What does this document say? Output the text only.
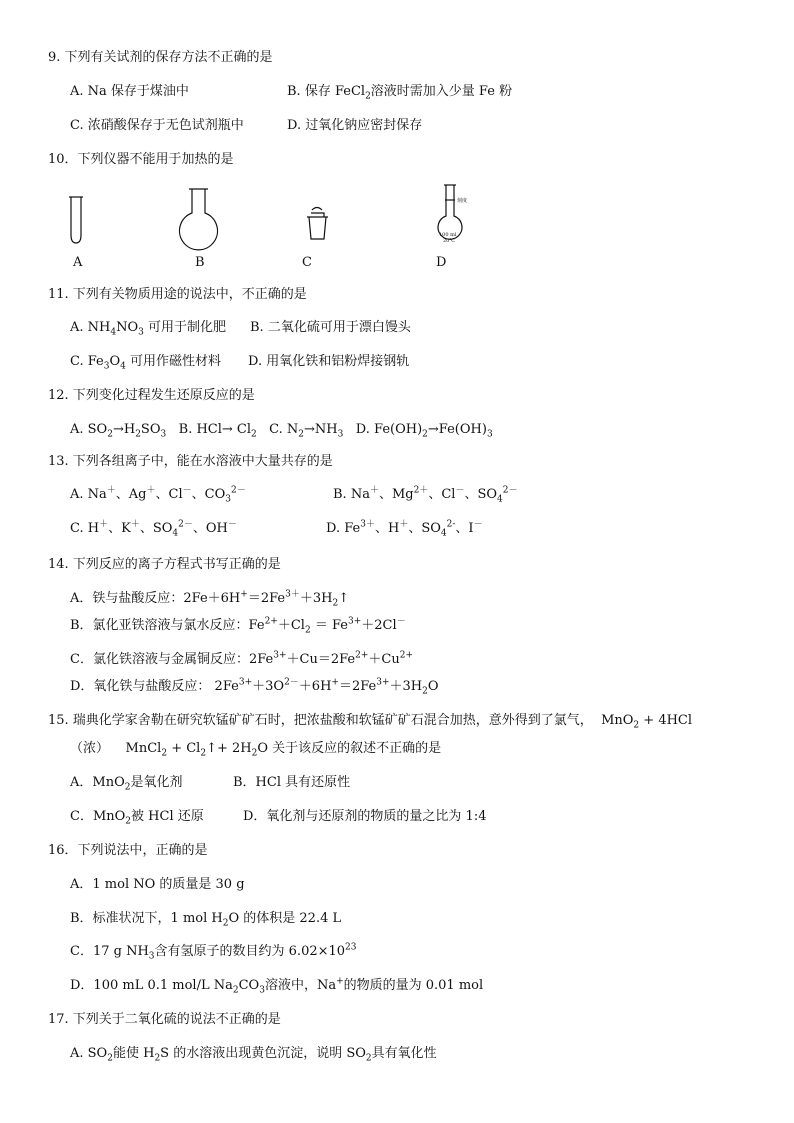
9. 下列有关试剂的保存方法不正确的是
A. Na 保存于煤油中	B. 保存 FeCl$_2$溶液时需加入少量 Fe 粉
C. 浓硝酸保存于无色试剂瓶中	D. 过氧化钠应密封保存
10．下列仪器不能用于加热的是
刻度
100 ml
20℃
A	B	C	D
11. 下列有关物质用途的说法中，不正确的是
A. $NH_4NO_3$ 可用于制化肥 B. 二氧化硫可用于漂白馒头
C. $Fe_3O_4$ 可用作磁性材料 D. 用氧化铁和铝粉焊接钢轨
12. 下列变化过程发生还原反应的是
A. $SO_2\to H_2SO_3$ B. $HCl\to Cl_2$ C. $N_2\to NH_3$ D. $Fe(OH)_2\to Fe(OH)_3$
13. 下列各组离子中，能在水溶液中大量共存的是
A. Na＋、Ag＋、Cl－、$CO_3^{2-}$	B. Na＋、$Mg^{2+}$、Cl－、$SO_4^{2-}$
C. H＋、K＋、$SO_4^{2-}$、OH－	D. $Fe^{3+}$、H＋、$SO_4^{2-}$、I－
14. 下列反应的离子方程式书写正确的是
A．铁与盐酸反应：$2Fe+6H^+=2Fe^{3+}+3H_2↑$
B．氯化亚铁溶液与氯水反应：$Fe^{2+}+Cl_2 = Fe^{3+}+2Cl^-$
C．氯化铁溶液与金属铜反应：$2Fe^{3+}+Cu=2Fe^{2+}+Cu^{2+}$
D．氧化铁与盐酸反应： $2Fe^{3+}+3O^{2-}+6H^+=2Fe^{3+}+3H_2O$
15. 瑞典化学家舍勒在研究软锰矿矿石时，把浓盐酸和软锰矿矿石混合加热，意外得到了氯气， MnO$_2$ + 4HCl
（浓） MnCl$_2$ + $Cl_2↑+ 2H_2O$ 关于该反应的叙述不正确的是
A．MnO$_2$是氧化剂	B．HCl 具有还原性
C．MnO$_2$被 HCl 还原	D．氧化剂与还原剂的物质的量之比为 1:4
16．下列说法中，正确的是
A．1 mol NO 的质量是 30 g
B．标准状况下，1 mol $H_2O$ 的体积是 22.4 L
C．17 g $NH_3$含有氢原子的数目约为 $6.02\times 10^{23}$
D．100 mL 0.1 mol/L $Na_2CO_3$溶液中，Na+的物质的量为 0.01 mol
17. 下列关于二氧化硫的说法不正确的是
A. $SO_2$能使 $H_2S$ 的水溶液出现黄色沉淀，说明 $SO_2$具有氧化性
